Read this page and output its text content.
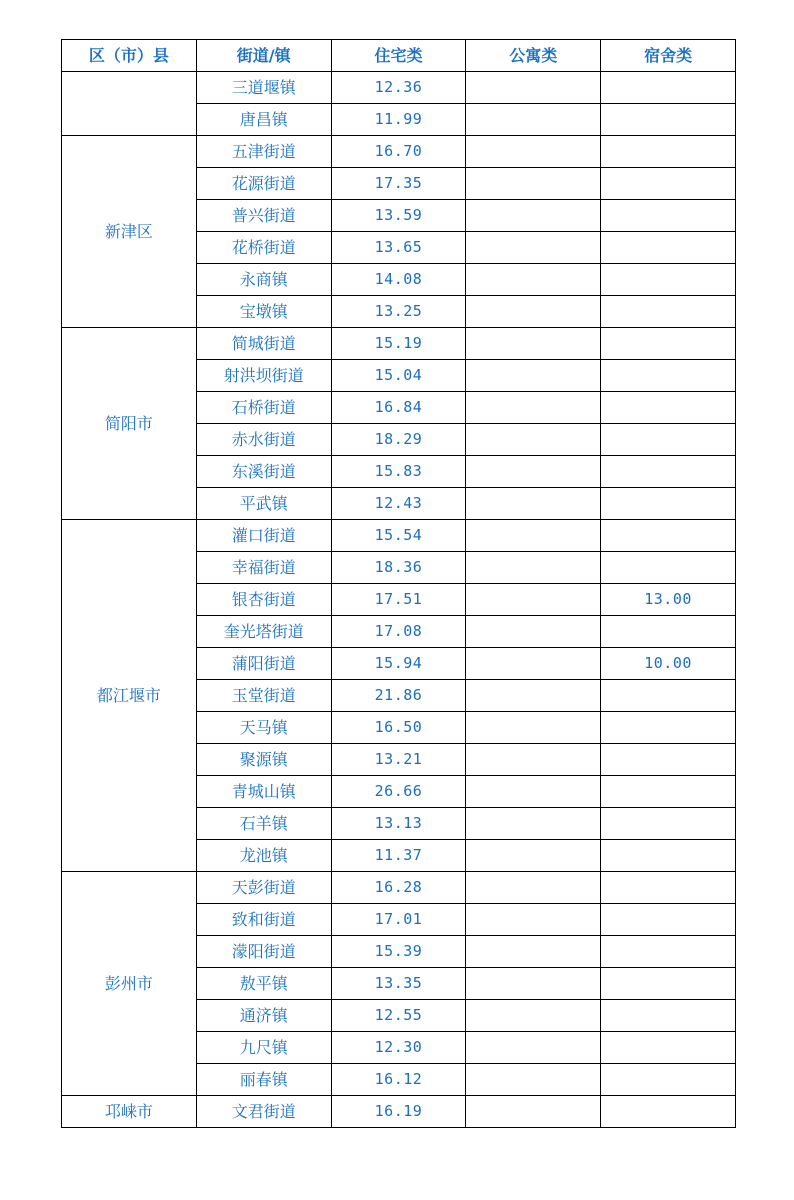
区（市）县	街道/镇	住宅类	公寓类	宿舍类
	三道堰镇	12.36		
	唐昌镇	11.99		
新津区	五津街道	16.70		
	花源街道	17.35		
	普兴街道	13.59		
	花桥街道	13.65		
	永商镇	14.08		
	宝墩镇	13.25		
简阳市	简城街道	15.19		
	射洪坝街道	15.04		
	石桥街道	16.84		
	赤水街道	18.29		
	东溪街道	15.83		
	平武镇	12.43		
都江堰市	灌口街道	15.54		
	幸福街道	18.36		
	银杏街道	17.51		13.00
	奎光塔街道	17.08		
	蒲阳街道	15.94		10.00
	玉堂街道	21.86		
	天马镇	16.50		
	聚源镇	13.21		
	青城山镇	26.66		
	石羊镇	13.13		
	龙池镇	11.37		
彭州市	天彭街道	16.28		
	致和街道	17.01		
	濛阳街道	15.39		
	敖平镇	13.35		
	通济镇	12.55		
	九尺镇	12.30		
	丽春镇	16.12		
邛崃市	文君街道	16.19		
